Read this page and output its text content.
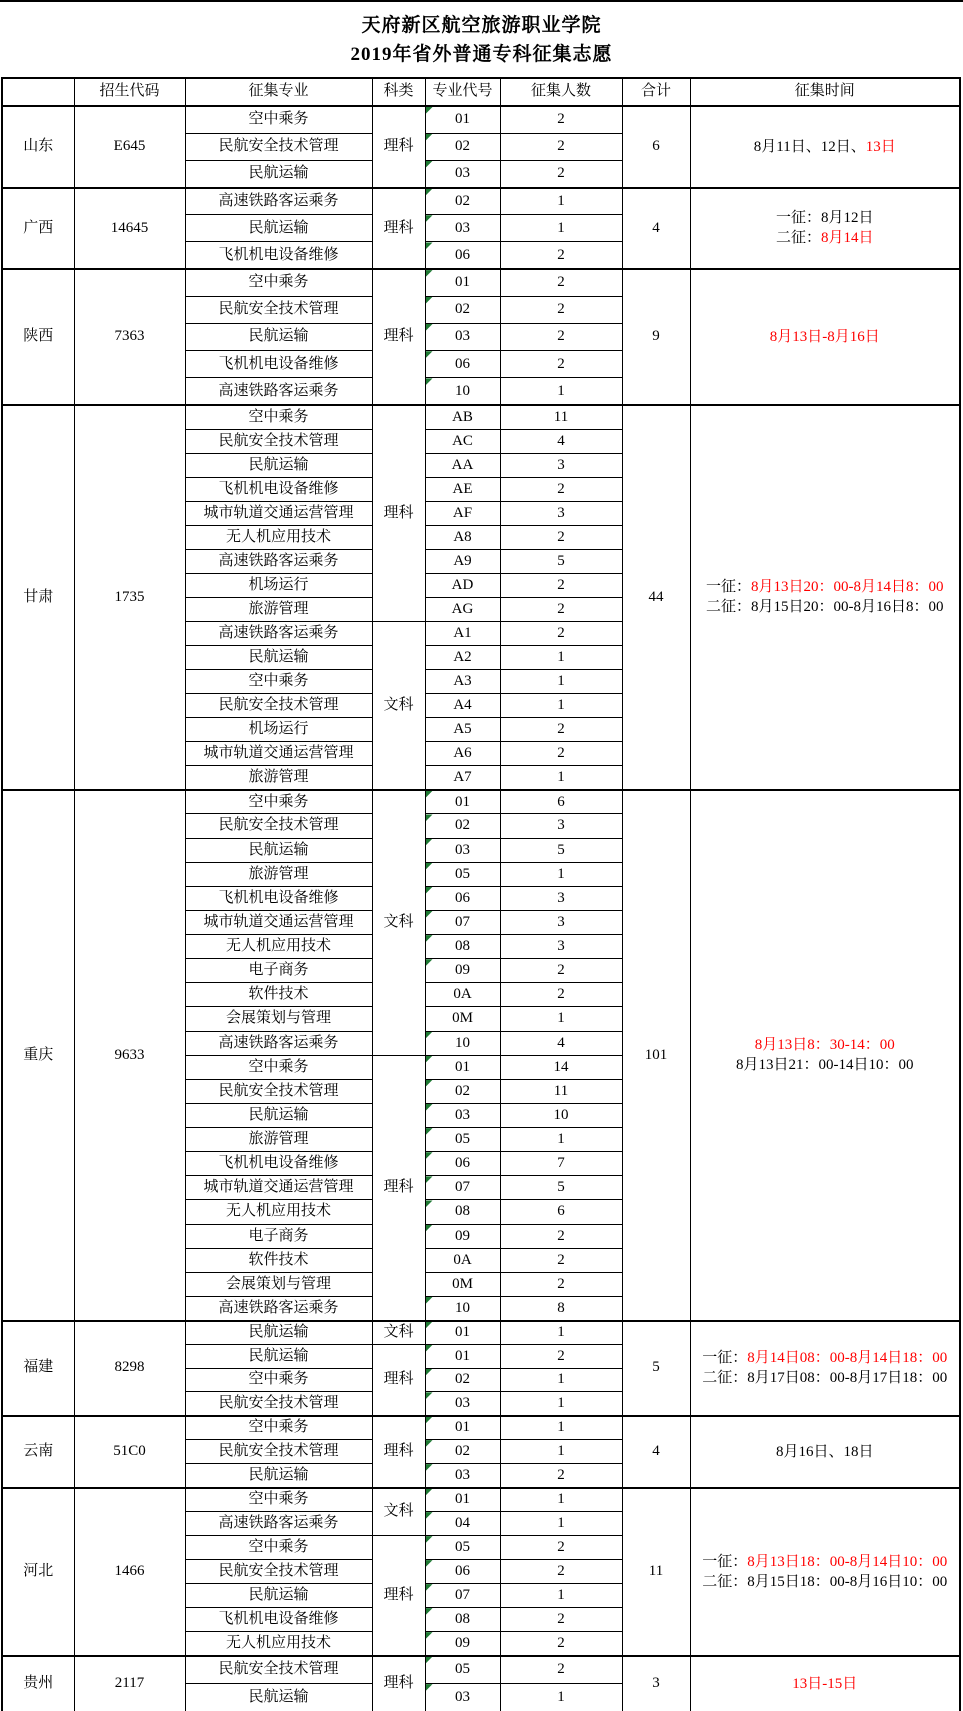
天府新区航空旅游职业学院
2019年省外普通专科征集志愿
	招生代码	征集专业	科类	专业代号	征集人数	合计	征集时间
山东	E645	空中乘务	理科	01	2	6	8月11日、12日、13日

		民航安全技术管理		02	2		
		民航运输		03	2		
广西	14645	高速铁路客运乘务	理科	02	1	4	一征：8月12日
二征：8月14日

		民航运输		03	1		
		飞机机电设备维修		06	2		
陕西	7363	空中乘务	理科	01	2	9	8月13日-8月16日

		民航安全技术管理		02	2		
		民航运输		03	2		
		飞机机电设备维修		06	2		
		高速铁路客运乘务		10	1		
甘肃	1735	空中乘务	理科	AB	11	44	一征：8月13日20：00-8月14日8：00
二征：8月15日20：00-8月16日8：00

		民航安全技术管理		AC	4		
		民航运输		AA	3		
		飞机机电设备维修		AE	2		
		城市轨道交通运营管理		AF	3		
		无人机应用技术		A8	2		
		高速铁路客运乘务		A9	5		
		机场运行		AD	2		
		旅游管理		AG	2		
		高速铁路客运乘务	文科	A1	2		
		民航运输		A2	1		
		空中乘务		A3	1		
		民航安全技术管理		A4	1		
		机场运行		A5	2		
		城市轨道交通运营管理		A6	2		
		旅游管理		A7	1		
重庆	9633	空中乘务	文科	01	6	101	8月13日8：30-14：00
8月13日21：00-14日10：00

		民航安全技术管理		02	3		
		民航运输		03	5		
		旅游管理		05	1		
		飞机机电设备维修		06	3		
		城市轨道交通运营管理		07	3		
		无人机应用技术		08	3		
		电子商务		09	2		
		软件技术		0A	2		
		会展策划与管理		0M	1		
		高速铁路客运乘务		10	4		
		空中乘务	理科	01	14		
		民航安全技术管理		02	11		
		民航运输		03	10		
		旅游管理		05	1		
		飞机机电设备维修		06	7		
		城市轨道交通运营管理		07	5		
		无人机应用技术		08	6		
		电子商务		09	2		
		软件技术		0A	2		
		会展策划与管理		0M	2		
		高速铁路客运乘务		10	8		
福建	8298	民航运输	文科	01	1	5	一征：8月14日08：00-8月14日18：00
二征：8月17日08：00-8月17日18：00

		民航运输	理科	01	2		
		空中乘务		02	1		
		民航安全技术管理		03	1		
云南	51C0	空中乘务	理科	01	1	4	8月16日、18日

		民航安全技术管理		02	1		
		民航运输		03	2		
河北	1466	空中乘务	文科	01	1	11	一征：8月13日18：00-8月14日10：00
二征：8月15日18：00-8月16日10：00

		高速铁路客运乘务		04	1		
		空中乘务	理科	05	2		
		民航安全技术管理		06	2		
		民航运输		07	1		
		飞机机电设备维修		08	2		
		无人机应用技术		09	2		
贵州	2117	民航安全技术管理	理科	05	2	3	13日-15日

		民航运输		03	1		
